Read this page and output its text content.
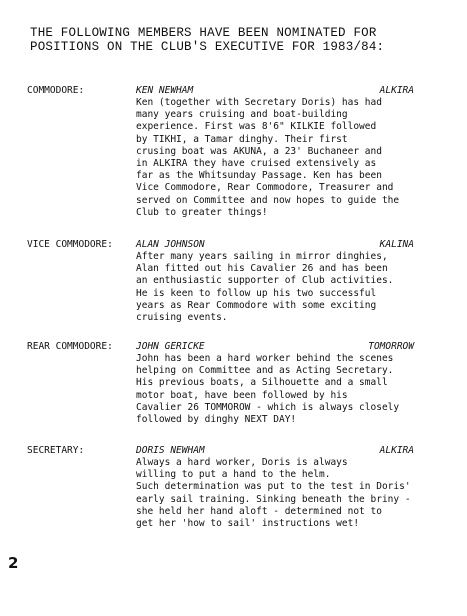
THE FOLLOWING MEMBERS HAVE BEEN NOMINATED FOR
POSITIONS ON THE CLUB'S EXECUTIVE FOR 1983/84:
COMMODORE:	KEN NEWHAM	ALKIRA
Ken (together with Secretary Doris) has had
many years cruising and boat-building
experience. First was 8'6" KILKIE followed
by TIKHI, a Tamar dinghy. Their first
crusing boat was AKUNA, a 23' Buchaneer and
in ALKIRA they have cruised extensively as
far as the Whitsunday Passage. Ken has been
Vice Commodore, Rear Commodore, Treasurer and
served on Committee and now hopes to guide the
Club to greater things!
VICE COMMODORE: ALAN JOHNSON	KALINA
After many years sailing in mirror dinghies,
Alan fitted out his Cavalier 26 and has been
an enthusiastic supporter of Club activities.
He is keen to follow up his two successful
years as Rear Commodore with some exciting
cruising events.
REAR COMMODORE: JOHN GERICKE	TOMORROW
John has been a hard worker behind the scenes
helping on Committee and as Acting Secretary.
His previous boats, a Silhouette and a small
motor boat, have been followed by his
Cavalier 26 TOMMOROW - which is always closely
followed by dinghy NEXT DAY!
SECRETARY:	DORIS NEWHAM	ALKIRA
Always a hard worker, Doris is always
willing to put a hand to the helm.
Such determination was put to the test in Doris'
early sail training. Sinking beneath the briny -
she held her hand aloft - determined not to
get her 'how to sail' instructions wet!
2
